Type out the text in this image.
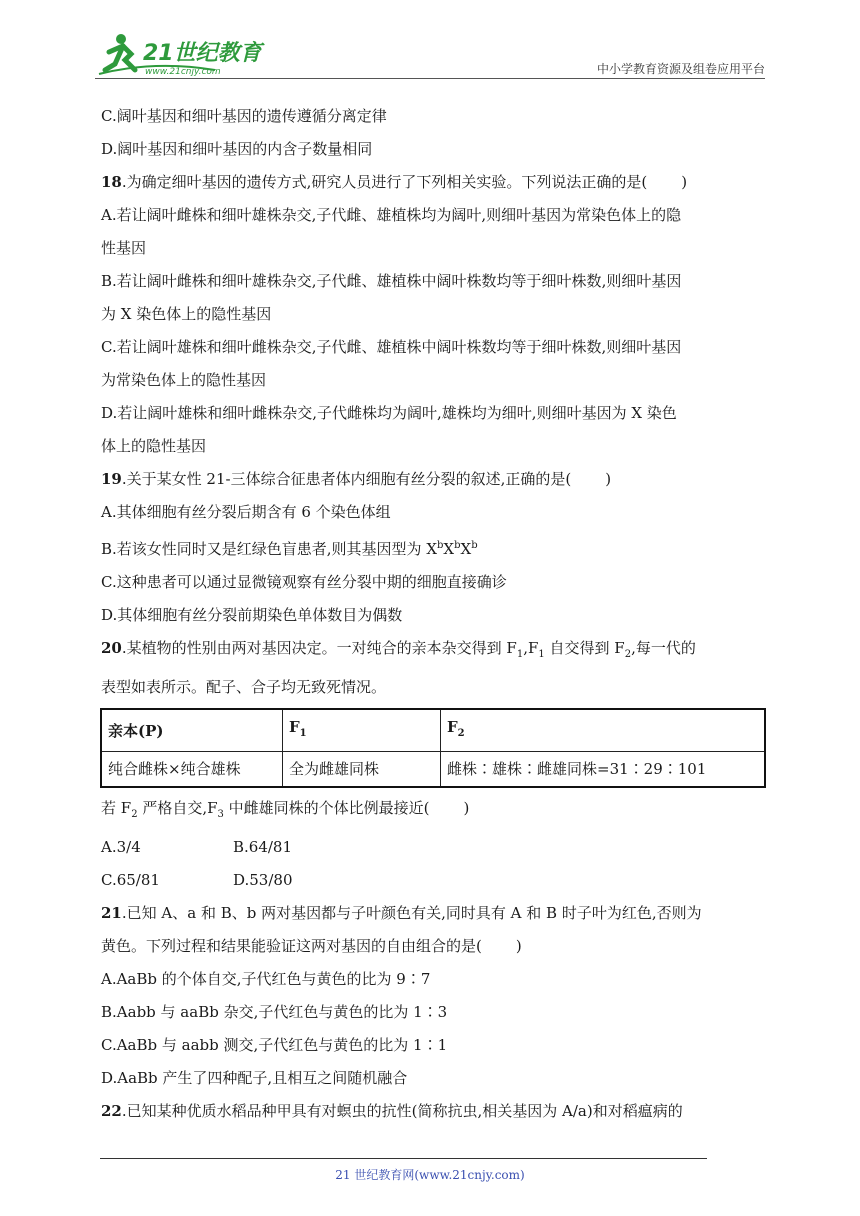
21世纪教育
www.21cnjy.com	中小学教育资源及组卷应用平台

C.阔叶基因和细叶基因的遗传遵循分离定律

D.阔叶基因和细叶基因的内含子数量相同

18.为确定细叶基因的遗传方式,研究人员进行了下列相关实验。下列说法正确的是( )

A.若让阔叶雌株和细叶雄株杂交,子代雌、雄植株均为阔叶,则细叶基因为常染色体上的隐

性基因

B.若让阔叶雌株和细叶雄株杂交,子代雌、雄植株中阔叶株数均等于细叶株数,则细叶基因

为 X 染色体上的隐性基因

C.若让阔叶雄株和细叶雌株杂交,子代雌、雄植株中阔叶株数均等于细叶株数,则细叶基因

为常染色体上的隐性基因

D.若让阔叶雄株和细叶雌株杂交,子代雌株均为阔叶,雄株均为细叶,则细叶基因为 X 染色

体上的隐性基因

19.关于某女性 21-三体综合征患者体内细胞有丝分裂的叙述,正确的是( )

A.其体细胞有丝分裂后期含有 6 个染色体组

B.若该女性同时又是红绿色盲患者,则其基因型为 $X^bX^bX^b$

C.这种患者可以通过显微镜观察有丝分裂中期的细胞直接确诊

D.其体细胞有丝分裂前期染色单体数目为偶数

20.某植物的性别由两对基因决定。一对纯合的亲本杂交得到 $F_1,F_1$ 自交得到 $F_2$,每一代的

表型如表所示。配子、合子均无致死情况。

亲本(P)	$F_1$	$F_2$
纯合雌株×纯合雄株	全为雌雄同株	雌株∶雄株∶雌雄同株=31∶29∶101

若 $F_2$ 严格自交$,F_3$ 中雌雄同株的个体比例最接近( )

A.3/4	B.64/81

C.65/81	D.53/80

21.已知 A、a 和 B、b 两对基因都与子叶颜色有关,同时具有 A 和 B 时子叶为红色,否则为

黄色。下列过程和结果能验证这两对基因的自由组合的是( )

A.AaBb 的个体自交,子代红色与黄色的比为 9∶7

B.Aabb 与 aaBb 杂交,子代红色与黄色的比为 1∶3

C.AaBb 与 aabb 测交,子代红色与黄色的比为 1∶1

D.AaBb 产生了四种配子,且相互之间随机融合

22.已知某种优质水稻品种甲具有对螟虫的抗性(简称抗虫,相关基因为 A/a)和对稻瘟病的

21 世纪教育网(www.21cnjy.com)
